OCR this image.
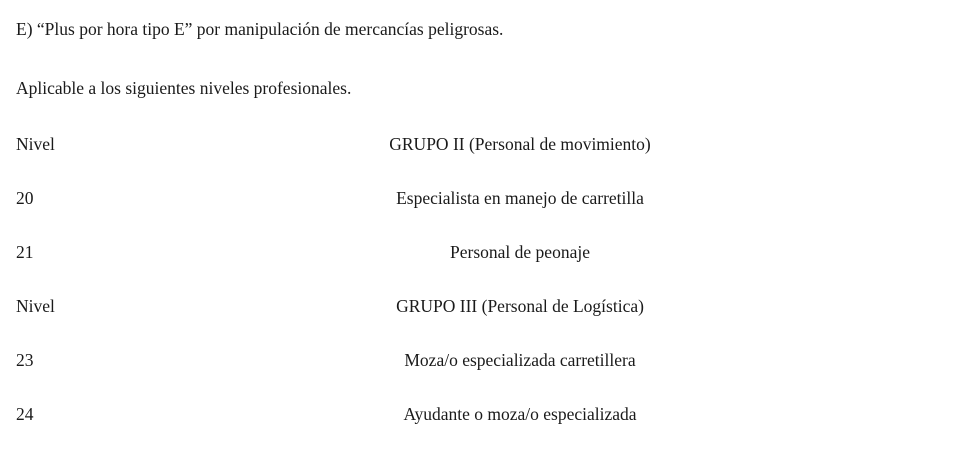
E) “Plus por hora tipo E” por manipulación de mercancías peligrosas.

Aplicable a los siguientes niveles profesionales.

Nivel	GRUPO II (Personal de movimiento)
20	Especialista en manejo de carretilla
21	Personal de peonaje
Nivel	GRUPO III (Personal de Logística)
23	Moza/o especializada carretillera
24	Ayudante o moza/o especializada
